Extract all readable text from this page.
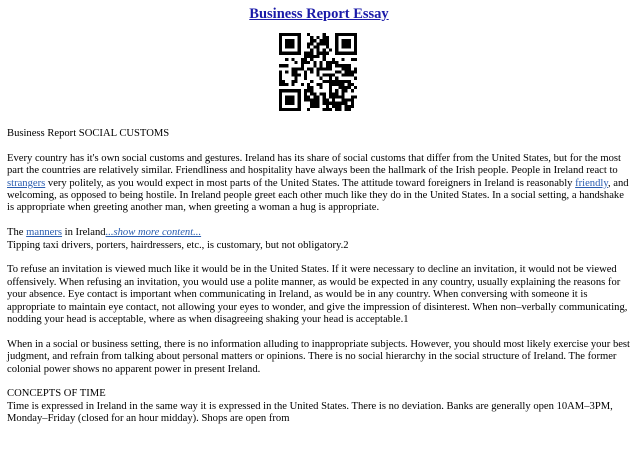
Business Report Essay

Business Report SOCIAL CUSTOMS

Every country has it's own social customs and gestures. Ireland has its share of social customs that differ from the United States, but for the most part the countries are relatively similar. Friendliness and hospitality have always been the hallmark of the Irish people. People in Ireland react to strangers very politely, as you would expect in most parts of the United States. The attitude toward foreigners in Ireland is reasonably friendly, and welcoming, as opposed to being hostile. In Ireland people greet each other much like they do in the United States. In a social setting, a handshake is appropriate when greeting another man, when greeting a woman a hug is appropriate.

The manners in Ireland...show more content...
Tipping taxi drivers, porters, hairdressers, etc., is customary, but not obligatory.2

To refuse an invitation is viewed much like it would be in the United States. If it were necessary to decline an invitation, it would not be viewed offensively. When refusing an invitation, you would use a polite manner, as would be expected in any country, usually explaining the reasons for your absence. Eye contact is important when communicating in Ireland, as would be in any country. When conversing with someone it is appropriate to maintain eye contact, not allowing your eyes to wonder, and give the impression of disinterest. When non–verbally communicating, nodding your head is acceptable, where as when disagreeing shaking your head is acceptable.1

When in a social or business setting, there is no information alluding to inappropriate subjects. However, you should most likely exercise your best judgment, and refrain from talking about personal matters or opinions. There is no social hierarchy in the social structure of Ireland. The former colonial power shows no apparent power in present Ireland.

CONCEPTS OF TIME
Time is expressed in Ireland in the same way it is expressed in the United States. There is no deviation. Banks are generally open 10AM–3PM, Monday–Friday (closed for an hour midday). Shops are open from
